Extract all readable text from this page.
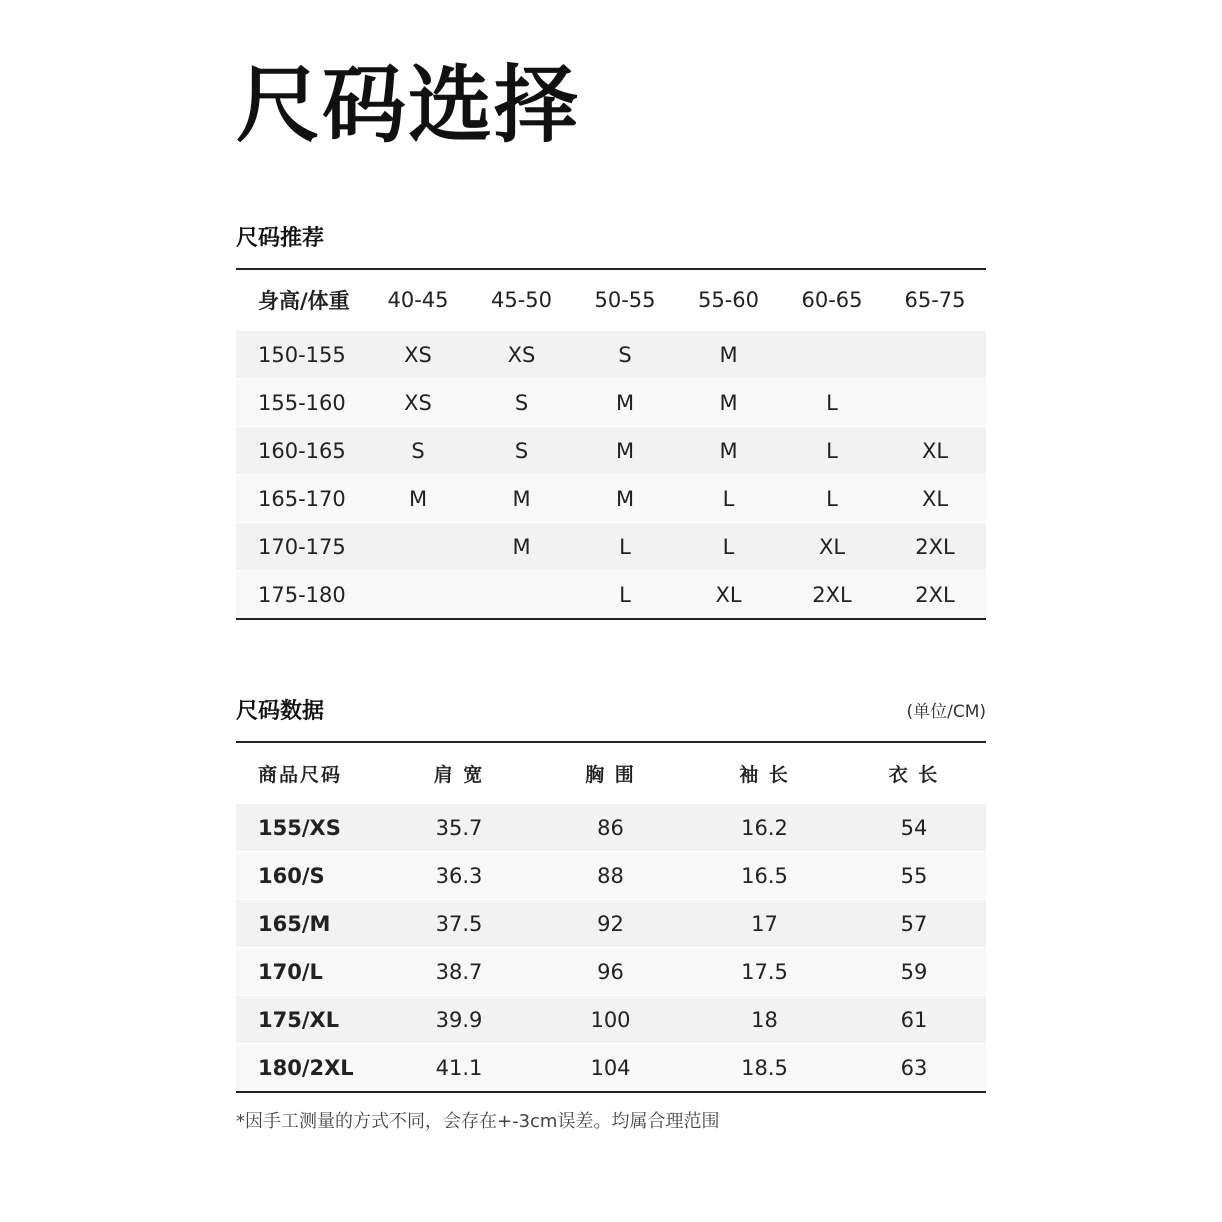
尺码选择
尺码推荐
身高/体重	40-45	45-50	50-55	55-60	60-65	65-75
150-155	XS	XS	S	M		
155-160	XS	S	M	M	L	
160-165	S	S	M	M	L	XL
165-170	M	M	M	L	L	XL
170-175		M	L	L	XL	2XL
175-180			L	XL	2XL	2XL
尺码数据	(单位/CM)
商品尺码	肩 宽	胸 围	袖 长	衣 长
155/XS	35.7	86	16.2	54
160/S	36.3	88	16.5	55
165/M	37.5	92	17	57
170/L	38.7	96	17.5	59
175/XL	39.9	100	18	61
180/2XL	41.1	104	18.5	63
*因手工测量的方式不同，会存在+-3cm误差。均属合理范围
